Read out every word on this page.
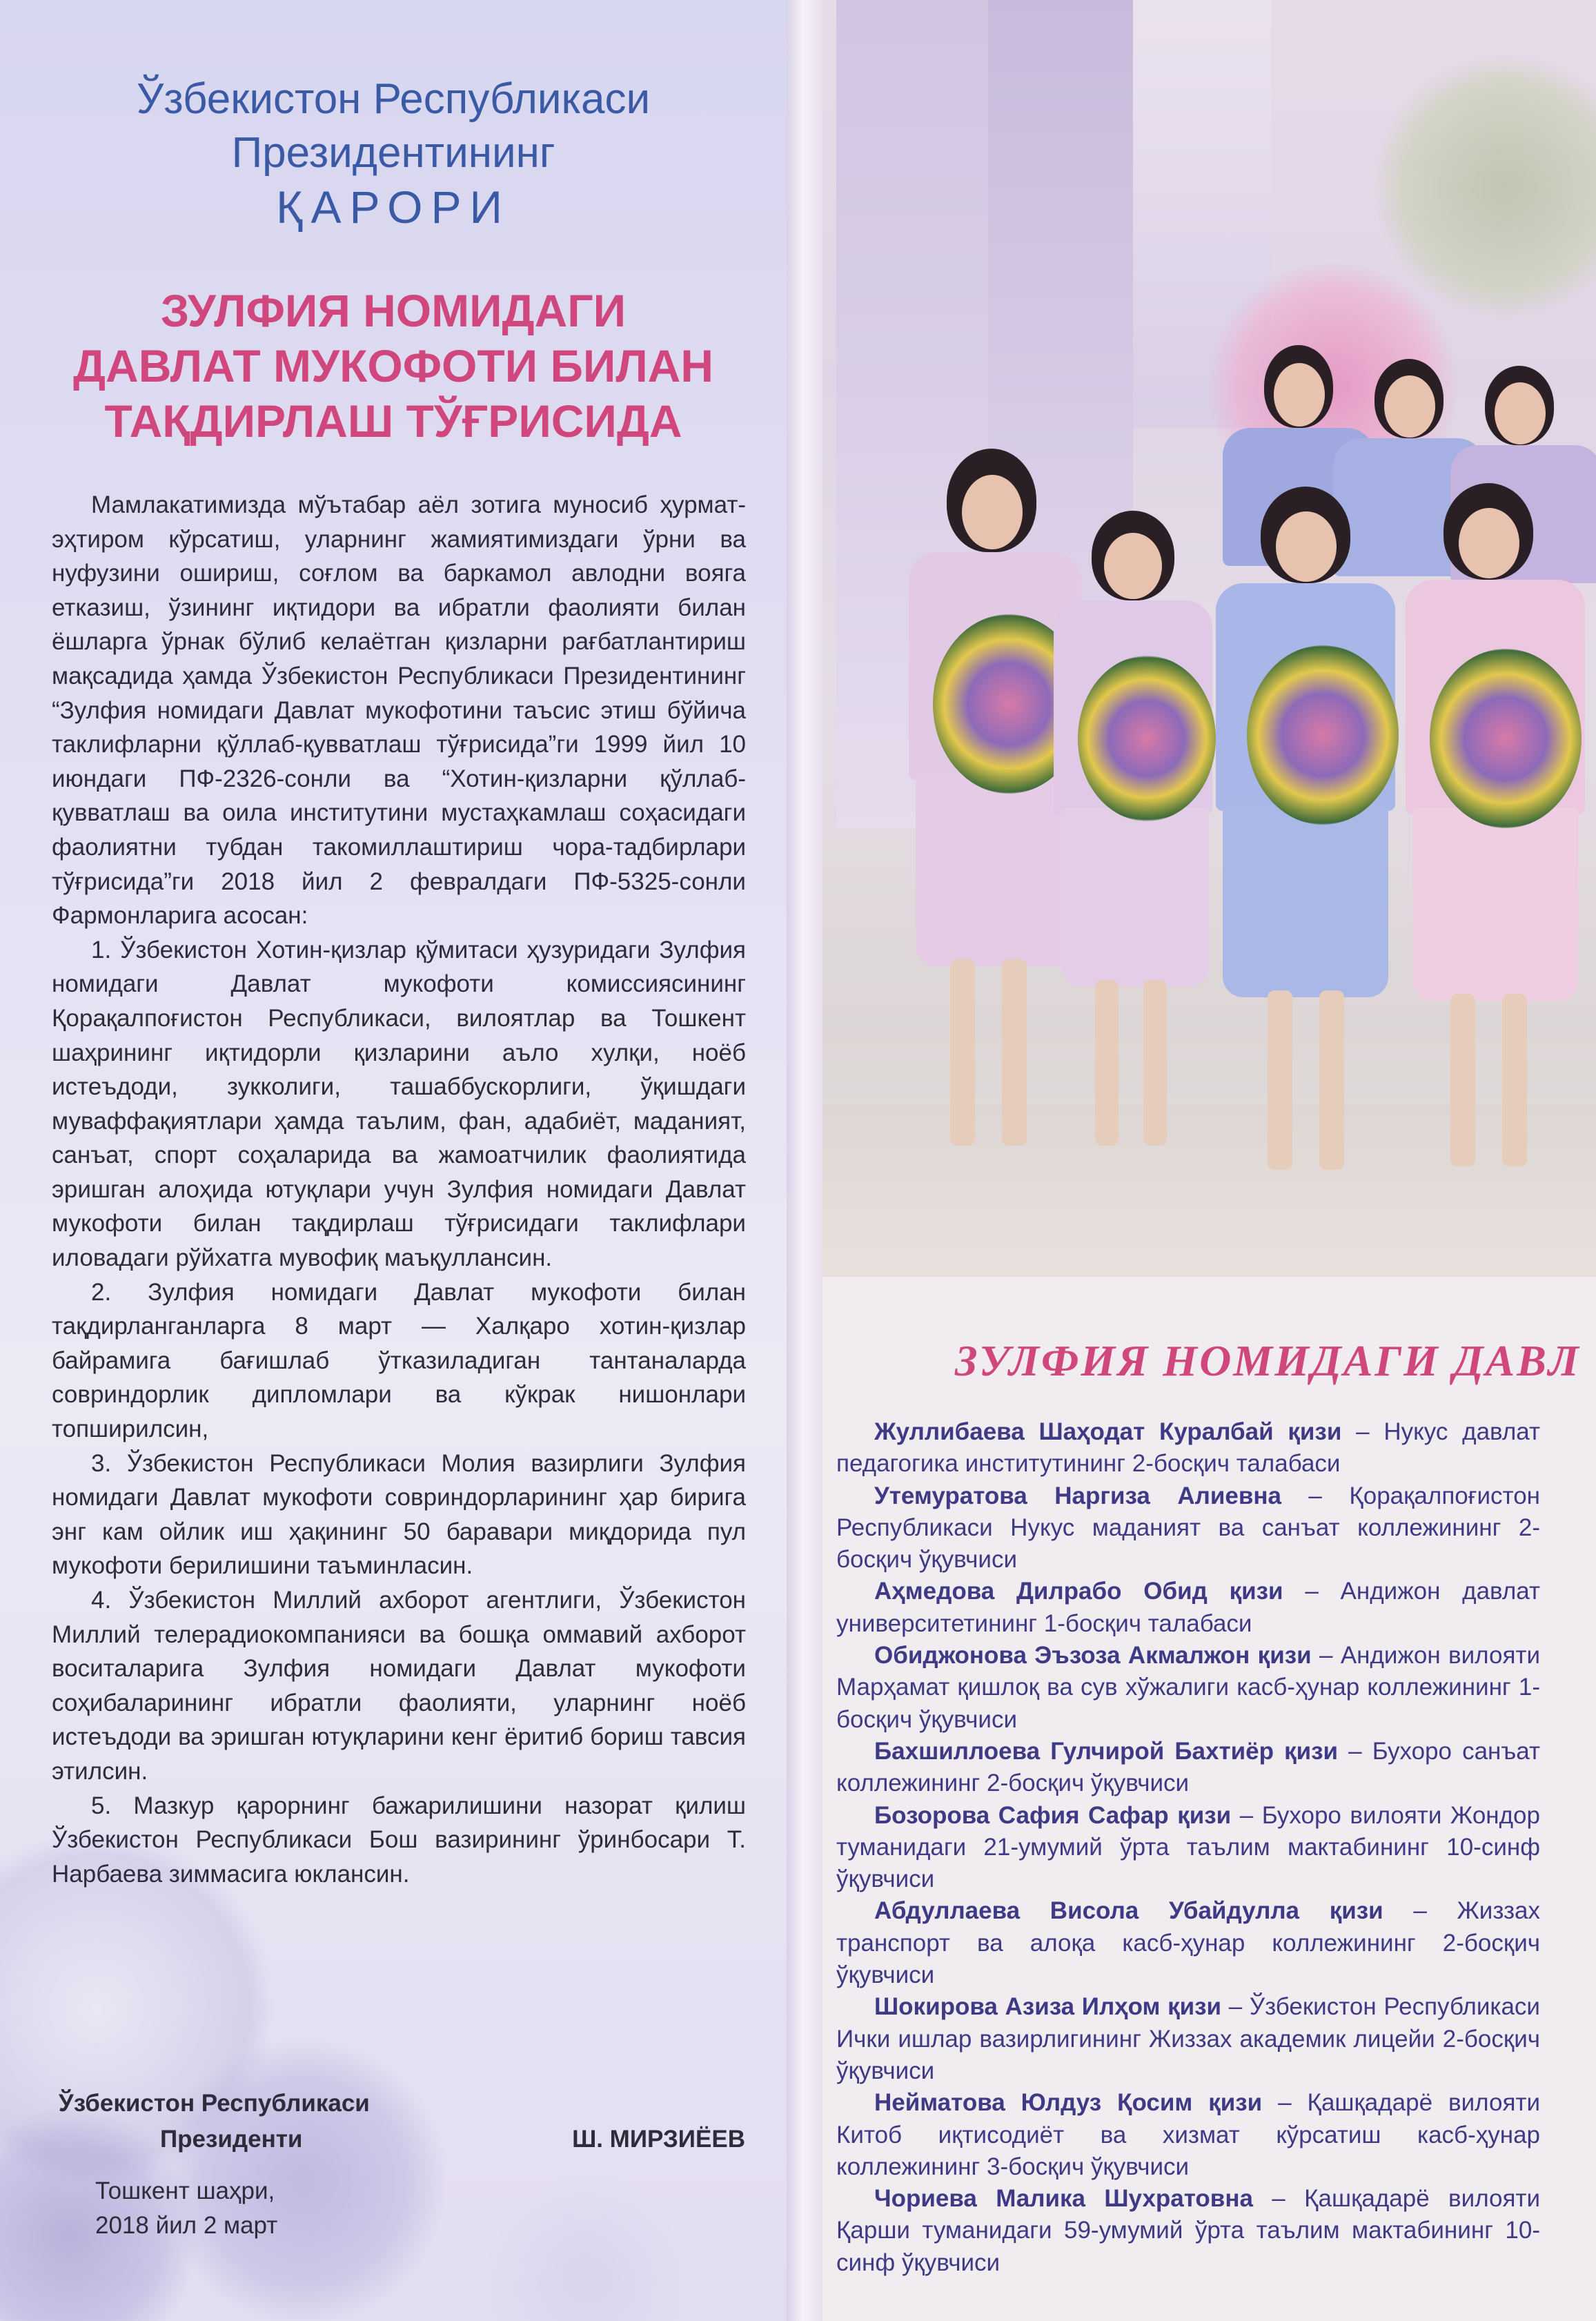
Ўзбекистон Республикаси
Президентининг
ҚАРОРИ
ЗУЛФИЯ НОМИДАГИ
ДАВЛАТ МУКОФОТИ БИЛАН
ТАҚДИРЛАШ ТЎҒРИСИДА

Мамлакатимизда мўътабар аёл зотига муносиб ҳурмат-эҳтиром кўрсатиш, уларнинг жамиятимиздаги ўрни ва нуфузини ошириш, соғлом ва баркамол авлодни вояга етказиш, ўзининг иқтидори ва ибратли фаолияти билан ёшларга ўрнак бўлиб келаётган қизларни рағбатлантириш мақсадида ҳамда Ўзбекистон Республикаси Президентининг “Зулфия номидаги Давлат мукофотини таъсис этиш бўйича таклифларни қўллаб-қувватлаш тўғрисида”ги 1999 йил 10 июндаги ПФ-2326-сонли ва “Хотин-қизларни қўллаб-қувватлаш ва оила институтини мустаҳкамлаш соҳасидаги фаолиятни тубдан такомиллаштириш чора-тадбирлари тўғрисида”ги 2018 йил 2 февралдаги ПФ-5325-сонли Фармонларига асосан:

1. Ўзбекистон Хотин-қизлар қўмитаси ҳузуридаги Зулфия номидаги Давлат мукофоти комиссиясининг Қорақалпоғистон Республикаси, вилоятлар ва Тошкент шаҳрининг иқтидорли қизларини аъло хулқи, ноёб истеъдоди, зукколиги, ташаббускорлиги, ўқишдаги муваффақиятлари ҳамда таълим, фан, адабиёт, маданият, санъат, спорт соҳаларида ва жамоатчилик фаолиятида эришган алоҳида ютуқлари учун Зулфия номидаги Давлат мукофоти билан тақдирлаш тўғрисидаги таклифлари иловадаги рўйхатга мувофиқ маъқуллансин.

2. Зулфия номидаги Давлат мукофоти билан тақдирланганларга 8 март — Халқаро хотин-қизлар байрамига бағишлаб ўтказиладиган тантаналарда совриндорлик дипломлари ва кўкрак нишонлари топширилсин,

3. Ўзбекистон Республикаси Молия вазирлиги Зулфия номидаги Давлат мукофоти совриндорларининг ҳар бирига энг кам ойлик иш ҳақининг 50 баравари миқдорида пул мукофоти берилишини таъминласин.

4. Ўзбекистон Миллий ахборот агентлиги, Ўзбекистон Миллий телерадиокомпанияси ва бошқа оммавий ахборот воситаларига Зулфия номидаги Давлат мукофоти соҳибаларининг ибратли фаолияти, уларнинг ноёб истеъдоди ва эришган ютуқларини кенг ёритиб бориш тавсия этилсин.

5. Мазкур қарорнинг бажарилишини назорат қилиш Ўзбекистон Республикаси Бош вазирининг ўринбосари Т. Нарбаева зиммасига юклансин.

Ўзбекистон Республикаси
Президенти	Ш. МИРЗИЁЕВ
Тошкент шаҳри,
2018 йил 2 март
ЗУЛФИЯ НОМИДАГИ ДАВЛ

Жуллибаева Шаҳодат Куралбай қизи – Нукус давлат педагогика институтининг 2-босқич талабаси

Утемуратова Наргиза Алиевна – Қорақалпоғистон Республикаси Нукус маданият ва санъат коллежининг 2-босқич ўқувчиси

Аҳмедова Дилрабо Обид қизи – Андижон давлат университетининг 1-босқич талабаси

Обиджонова Эъзоза Акмалжон қизи – Андижон вилояти Марҳамат қишлоқ ва сув хўжалиги касб-ҳунар коллежининг 1-босқич ўқувчиси

Бахшиллоева Гулчирой Бахтиёр қизи – Бухоро санъат коллежининг 2-босқич ўқувчиси

Бозорова Сафия Сафар қизи – Бухоро вилояти Жондор туманидаги 21-умумий ўрта таълим мактабининг 10-синф ўқувчиси

Абдуллаева Висола Убайдулла қизи – Жиззах транспорт ва алоқа касб-ҳунар коллежининг 2-босқич ўқувчиси

Шокирова Азиза Илҳом қизи – Ўзбекистон Республикаси Ички ишлар вазирлигининг Жиззах академик лицейи 2-босқич ўқувчиси

Нейматова Юлдуз Қосим қизи – Қашқадарё вилояти Китоб иқтисодиёт ва хизмат кўрсатиш касб-ҳунар коллежининг 3-босқич ўқувчиси

Чориева Малика Шухратовна – Қашқадарё вилояти Қарши туманидаги 59-умумий ўрта таълим мактабининг 10-синф ўқувчиси
